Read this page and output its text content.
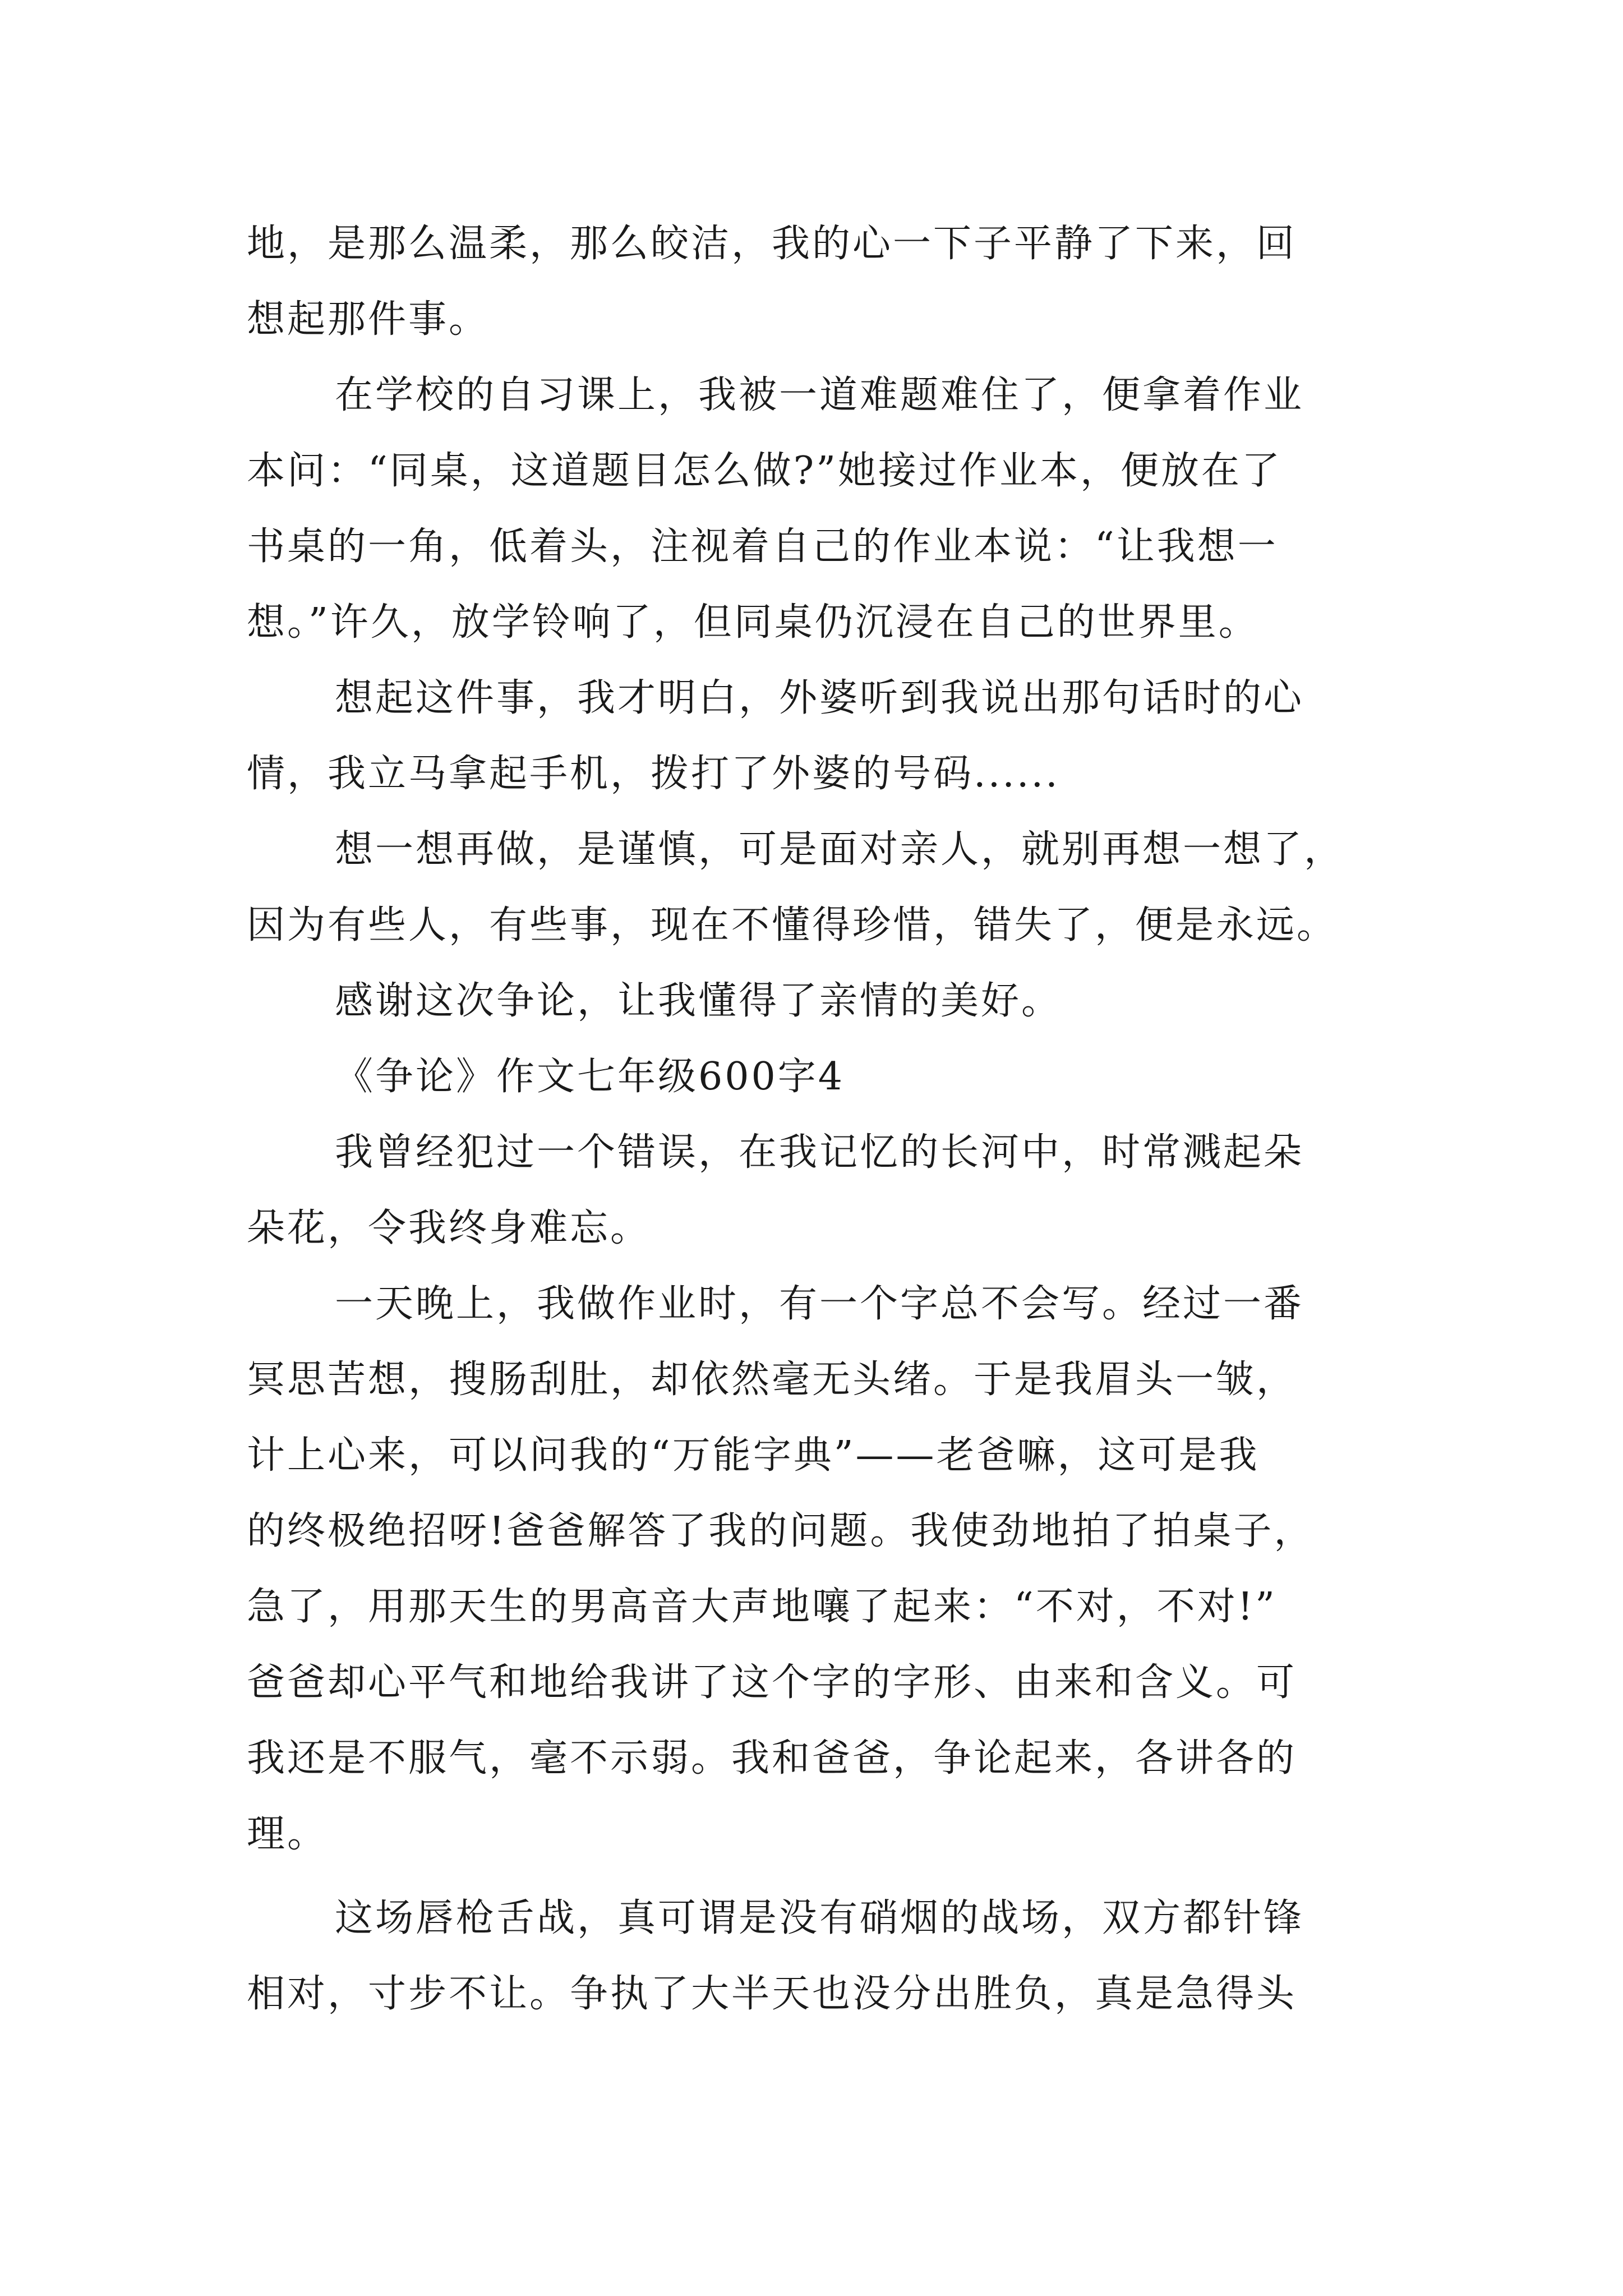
地，是那么温柔，那么皎洁，我的心一下子平静了下来，回
想起那件事。
在学校的自习课上，我被一道难题难住了，便拿着作业
本问：“同桌，这道题目怎么做?”她接过作业本，便放在了
书桌的一角，低着头，注视着自己的作业本说：“让我想一
想。”许久，放学铃响了，但同桌仍沉浸在自己的世界里。
想起这件事，我才明白，外婆听到我说出那句话时的心
情，我立马拿起手机，拨打了外婆的号码......
想一想再做，是谨慎，可是面对亲人，就别再想一想了，
因为有些人，有些事，现在不懂得珍惜，错失了，便是永远。
感谢这次争论，让我懂得了亲情的美好。
《争论》作文七年级600字4
我曾经犯过一个错误，在我记忆的长河中，时常溅起朵
朵花，令我终身难忘。
一天晚上，我做作业时，有一个字总不会写。经过一番
冥思苦想，搜肠刮肚，却依然毫无头绪。于是我眉头一皱，
计上心来，可以问我的“万能字典”——老爸嘛，这可是我
的终极绝招呀!爸爸解答了我的问题。我使劲地拍了拍桌子，
急了，用那天生的男高音大声地嚷了起来：“不对，不对!”
爸爸却心平气和地给我讲了这个字的字形、由来和含义。可
我还是不服气，毫不示弱。我和爸爸，争论起来，各讲各的
理。
这场唇枪舌战，真可谓是没有硝烟的战场，双方都针锋
相对，寸步不让。争执了大半天也没分出胜负，真是急得头
